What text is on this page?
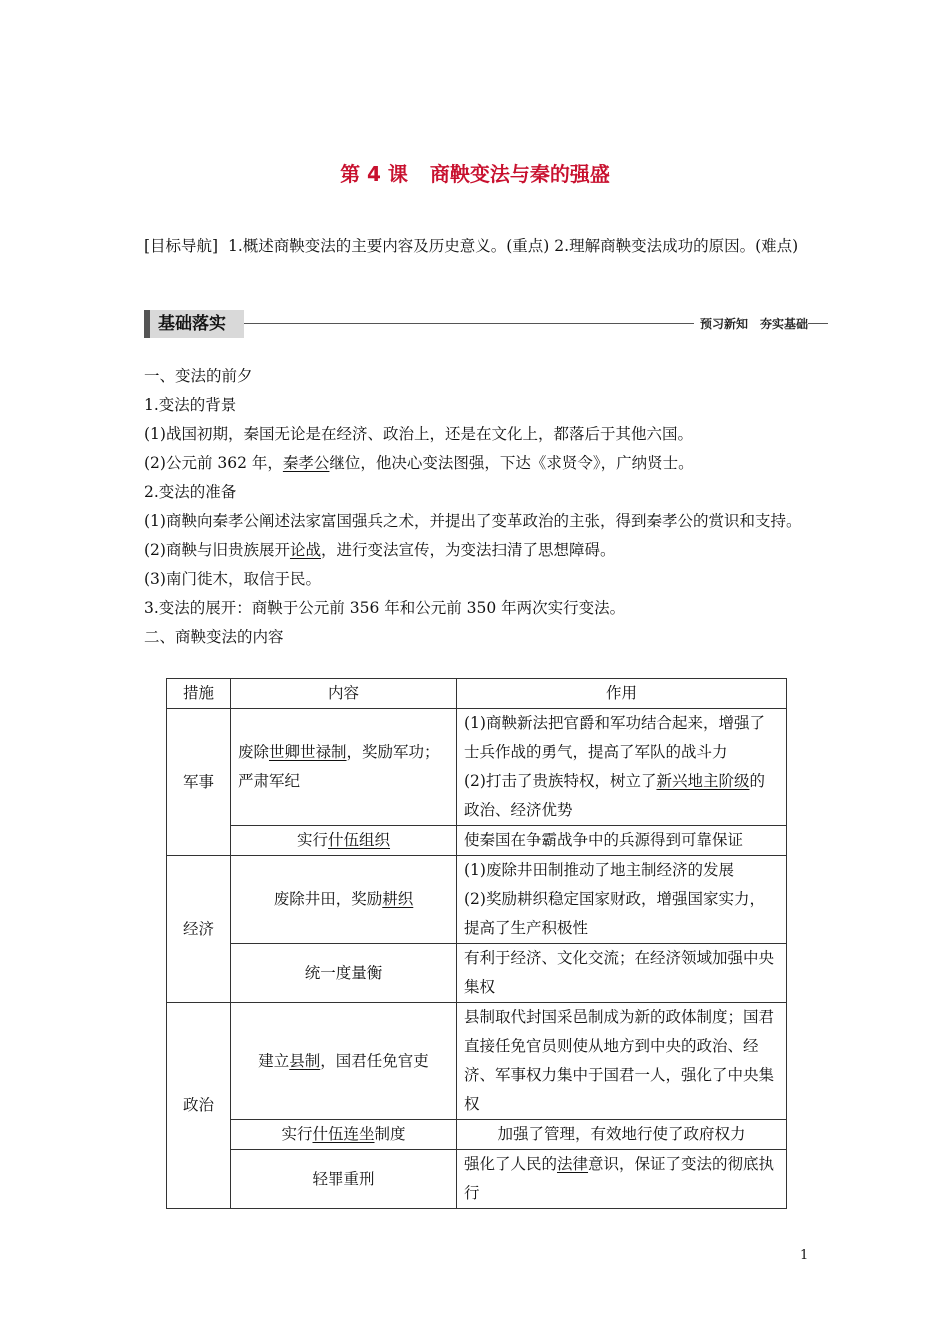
第 4 课 商鞅变法与秦的强盛
[目标导航] 1.概述商鞅变法的主要内容及历史意义。(重点) 2.理解商鞅变法成功的原因。(难点)
基础落实	预习新知　夯实基础

一、变法的前夕

1.变法的背景

(1)战国初期，秦国无论是在经济、政治上，还是在文化上，都落后于其他六国。

(2)公元前 362 年，秦孝公继位，他决心变法图强，下达《求贤令》，广纳贤士。

2.变法的准备

(1)商鞅向秦孝公阐述法家富国强兵之术，并提出了变革政治的主张，得到秦孝公的赏识和支持。

(2)商鞅与旧贵族展开论战，进行变法宣传，为变法扫清了思想障碍。

(3)南门徙木，取信于民。

3.变法的展开：商鞅于公元前 356 年和公元前 350 年两次实行变法。

二、商鞅变法的内容

措施	内容	作用
军事	废除世卿世禄制，奖励军功；严肃军纪	(1)商鞅新法把官爵和军功结合起来，增强了士兵作战的勇气，提高了军队的战斗力
(2)打击了贵族特权，树立了新兴地主阶级的政治、经济优势

	实行什伍组织	使秦国在争霸战争中的兵源得到可靠保证
经济	废除井田，奖励耕织	(1)废除井田制推动了地主制经济的发展
(2)奖励耕织稳定国家财政，增强国家实力，提高了生产积极性

	统一度量衡	有利于经济、文化交流；在经济领域加强中央集权
政治	建立县制，国君任免官吏	县制取代封国采邑制成为新的政体制度；国君直接任免官员则使从地方到中央的政治、经济、军事权力集中于国君一人，强化了中央集权
	实行什伍连坐制度	加强了管理，有效地行使了政府权力
	轻罪重刑	强化了人民的法律意识，保证了变法的彻底执行
1
